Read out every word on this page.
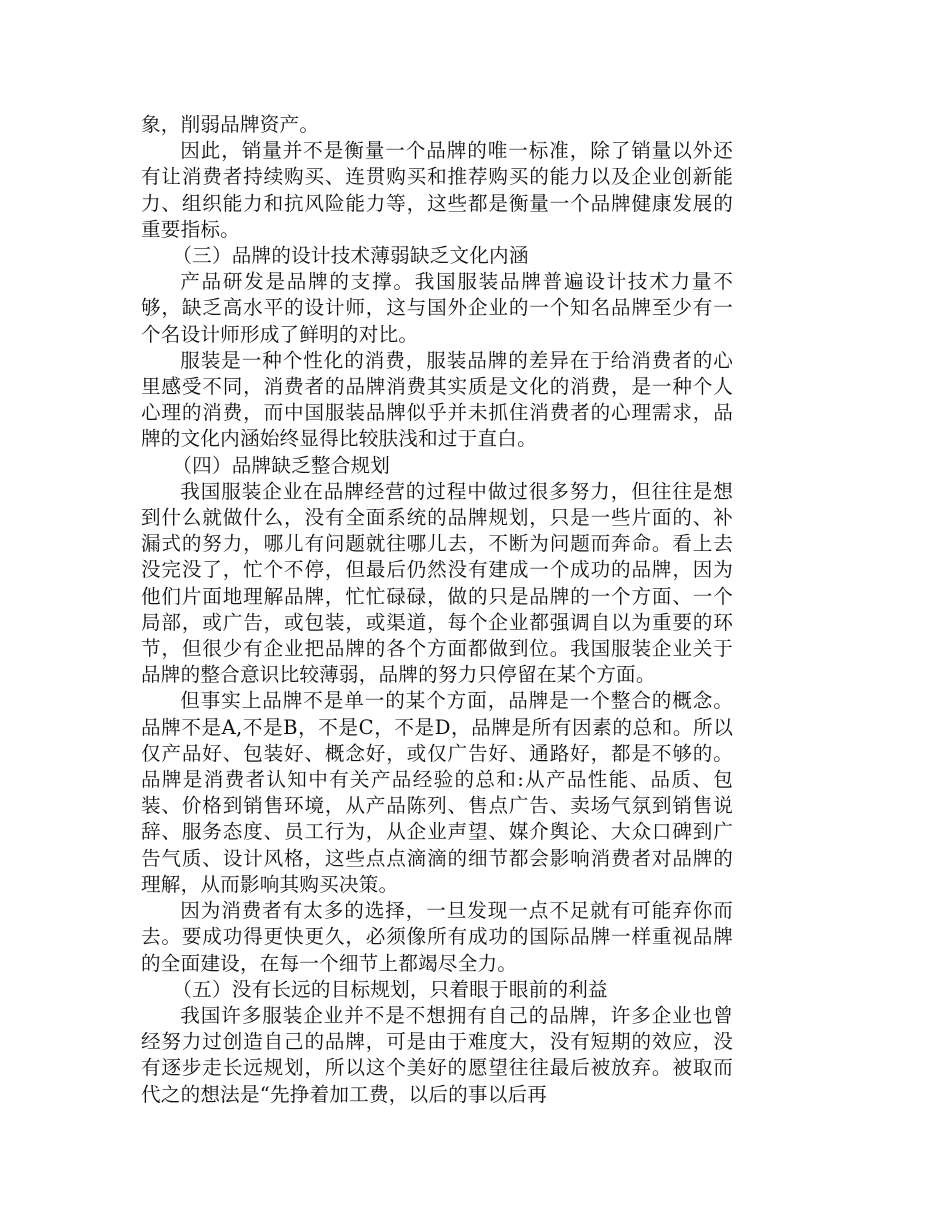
象，削弱品牌资产。

因此，销量并不是衡量一个品牌的唯一标准，除了销量以外还有让消费者持续购买、连贯购买和推荐购买的能力以及企业创新能力、组织能力和抗风险能力等，这些都是衡量一个品牌健康发展的重要指标。

（三）品牌的设计技术薄弱缺乏文化内涵

产品研发是品牌的支撑。我国服装品牌普遍设计技术力量不够，缺乏高水平的设计师，这与国外企业的一个知名品牌至少有一个名设计师形成了鲜明的对比。

服装是一种个性化的消费，服装品牌的差异在于给消费者的心里感受不同，消费者的品牌消费其实质是文化的消费，是一种个人心理的消费，而中国服装品牌似乎并未抓住消费者的心理需求，品牌的文化内涵始终显得比较肤浅和过于直白。

（四）品牌缺乏整合规划

我国服装企业在品牌经营的过程中做过很多努力，但往往是想到什么就做什么，没有全面系统的品牌规划，只是一些片面的、补漏式的努力，哪儿有问题就往哪儿去，不断为问题而奔命。看上去没完没了，忙个不停，但最后仍然没有建成一个成功的品牌，因为他们片面地理解品牌，忙忙碌碌，做的只是品牌的一个方面、一个局部，或广告，或包装，或渠道，每个企业都强调自以为重要的环节，但很少有企业把品牌的各个方面都做到位。我国服装企业关于品牌的整合意识比较薄弱，品牌的努力只停留在某个方面。

但事实上品牌不是单一的某个方面，品牌是一个整合的概念。品牌不是A,不是B，不是C，不是D，品牌是所有因素的总和。所以仅产品好、包装好、概念好，或仅广告好、通路好，都是不够的。品牌是消费者认知中有关产品经验的总和:从产品性能、品质、包装、价格到销售环境，从产品陈列、售点广告、卖场气氛到销售说辞、服务态度、员工行为，从企业声望、媒介舆论、大众口碑到广告气质、设计风格，这些点点滴滴的细节都会影响消费者对品牌的理解，从而影响其购买决策。

因为消费者有太多的选择，一旦发现一点不足就有可能弃你而去。要成功得更快更久，必须像所有成功的国际品牌一样重视品牌的全面建设，在每一个细节上都竭尽全力。

（五）没有长远的目标规划，只着眼于眼前的利益

我国许多服装企业并不是不想拥有自己的品牌，许多企业也曾经努力过创造自己的品牌，可是由于难度大，没有短期的效应，没有逐步走长远规划，所以这个美好的愿望往往最后被放弃。被取而代之的想法是“先挣着加工费，以后的事以后再
